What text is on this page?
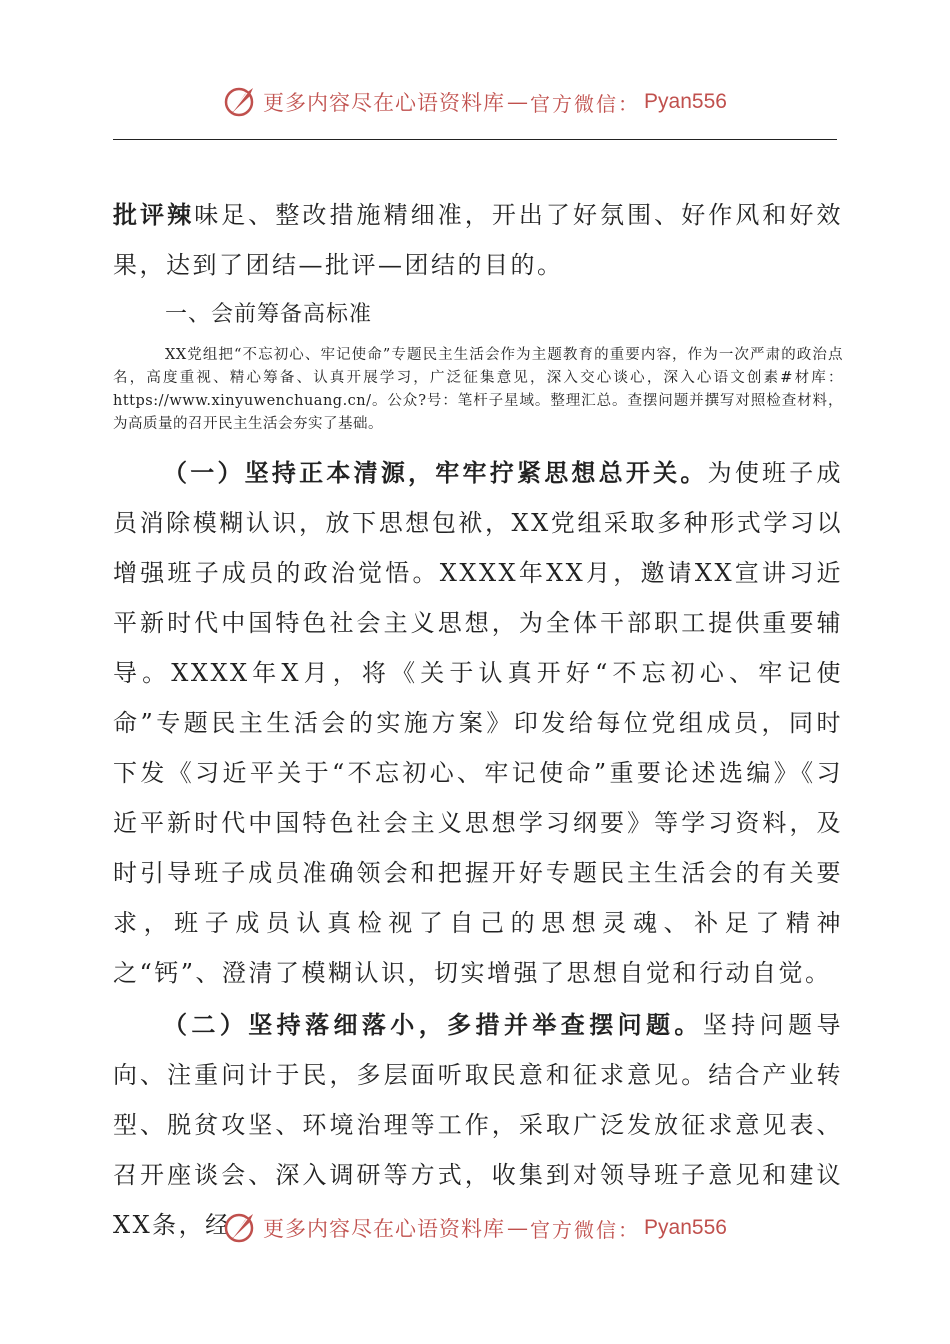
更多内容尽在心语资料库 — 官方微信： Pyan556

批评辣味足、整改措施精细准，开出了好氛围、好作风和好效果，达到了团结—批评—团结的目的。

一、会前筹备高标准

XX党组把“不忘初心、牢记使命”专题民主生活会作为主题教育的重要内容，作为一次严肃的政治点名，高度重视、精心筹备、认真开展学习，广泛征集意见，深入交心谈心，深入心语文创素#材库：https://www.xinyuwenchuang.cn/。公众?号：笔杆子星域。整理汇总。查摆问题并撰写对照检查材料，为高质量的召开民主生活会夯实了基础。

（一）坚持正本清源，牢牢拧紧思想总开关。为使班子成员消除模糊认识，放下思想包袱，XX党组采取多种形式学习以增强班子成员的政治觉悟。XXXX年XX月，邀请XX宣讲习近平新时代中国特色社会主义思想，为全体干部职工提供重要辅导。XXXX年X月，将《关于认真开好“不忘初心、牢记使命”专题民主生活会的实施方案》印发给每位党组成员，同时下发《习近平关于“不忘初心、牢记使命”重要论述选编》《习近平新时代中国特色社会主义思想学习纲要》等学习资料，及时引导班子成员准确领会和把握开好专题民主生活会的有关要求，班子成员认真检视了自己的思想灵魂、补足了精神之“钙”、澄清了模糊认识，切实增强了思想自觉和行动自觉。

（二）坚持落细落小，多措并举查摆问题。坚持问题导向、注重问计于民，多层面听取民意和征求意见。结合产业转型、脱贫攻坚、环境治理等工作，采取广泛发放征求意见表、召开座谈会、深入调研等方式，收集到对领导班子意见和建议XX条，经	更多内容尽在心语资料库 — 官方微信： Pyan556
